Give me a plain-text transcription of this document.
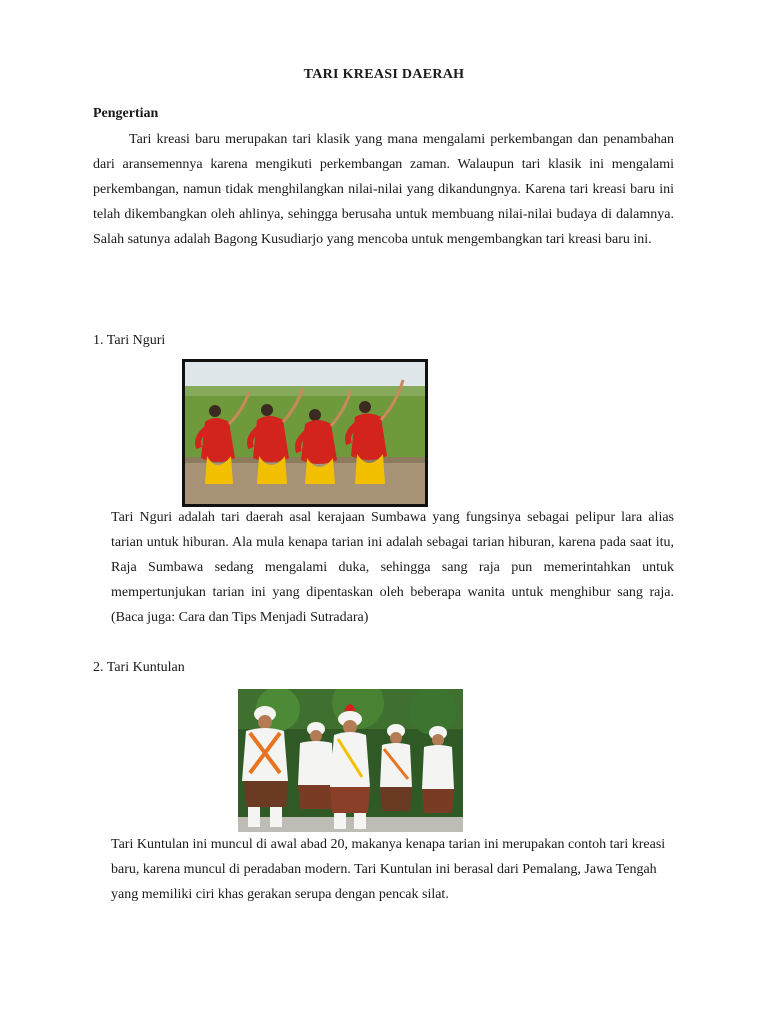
TARI KREASI DAERAH
Pengertian

Tari kreasi baru merupakan tari klasik yang mana mengalami perkembangan dan penambahan dari aransemennya karena mengikuti perkembangan zaman. Walaupun tari klasik ini mengalami perkembangan, namun tidak menghilangkan nilai-nilai yang dikandungnya. Karena tari kreasi baru ini telah dikembangkan oleh ahlinya, sehingga berusaha untuk membuang nilai-nilai budaya di dalamnya. Salah satunya adalah Bagong Kusudiarjo yang mencoba untuk mengembangkan tari kreasi baru ini.

1. Tari Nguri

Tari Nguri adalah tari daerah asal kerajaan Sumbawa yang fungsinya sebagai pelipur lara alias tarian untuk hiburan. Ala mula kenapa tarian ini adalah sebagai tarian hiburan, karena pada saat itu, Raja Sumbawa sedang mengalami duka, sehingga sang raja pun memerintahkan untuk mempertunjukan tarian ini yang dipentaskan oleh beberapa wanita untuk menghibur sang raja. (Baca juga: Cara dan Tips Menjadi Sutradara)

2. Tari Kuntulan

Tari Kuntulan ini muncul di awal abad 20, makanya kenapa tarian ini merupakan contoh tari kreasi baru, karena muncul di peradaban modern. Tari Kuntulan ini berasal dari Pemalang, Jawa Tengah yang memiliki ciri khas gerakan serupa dengan pencak silat.
